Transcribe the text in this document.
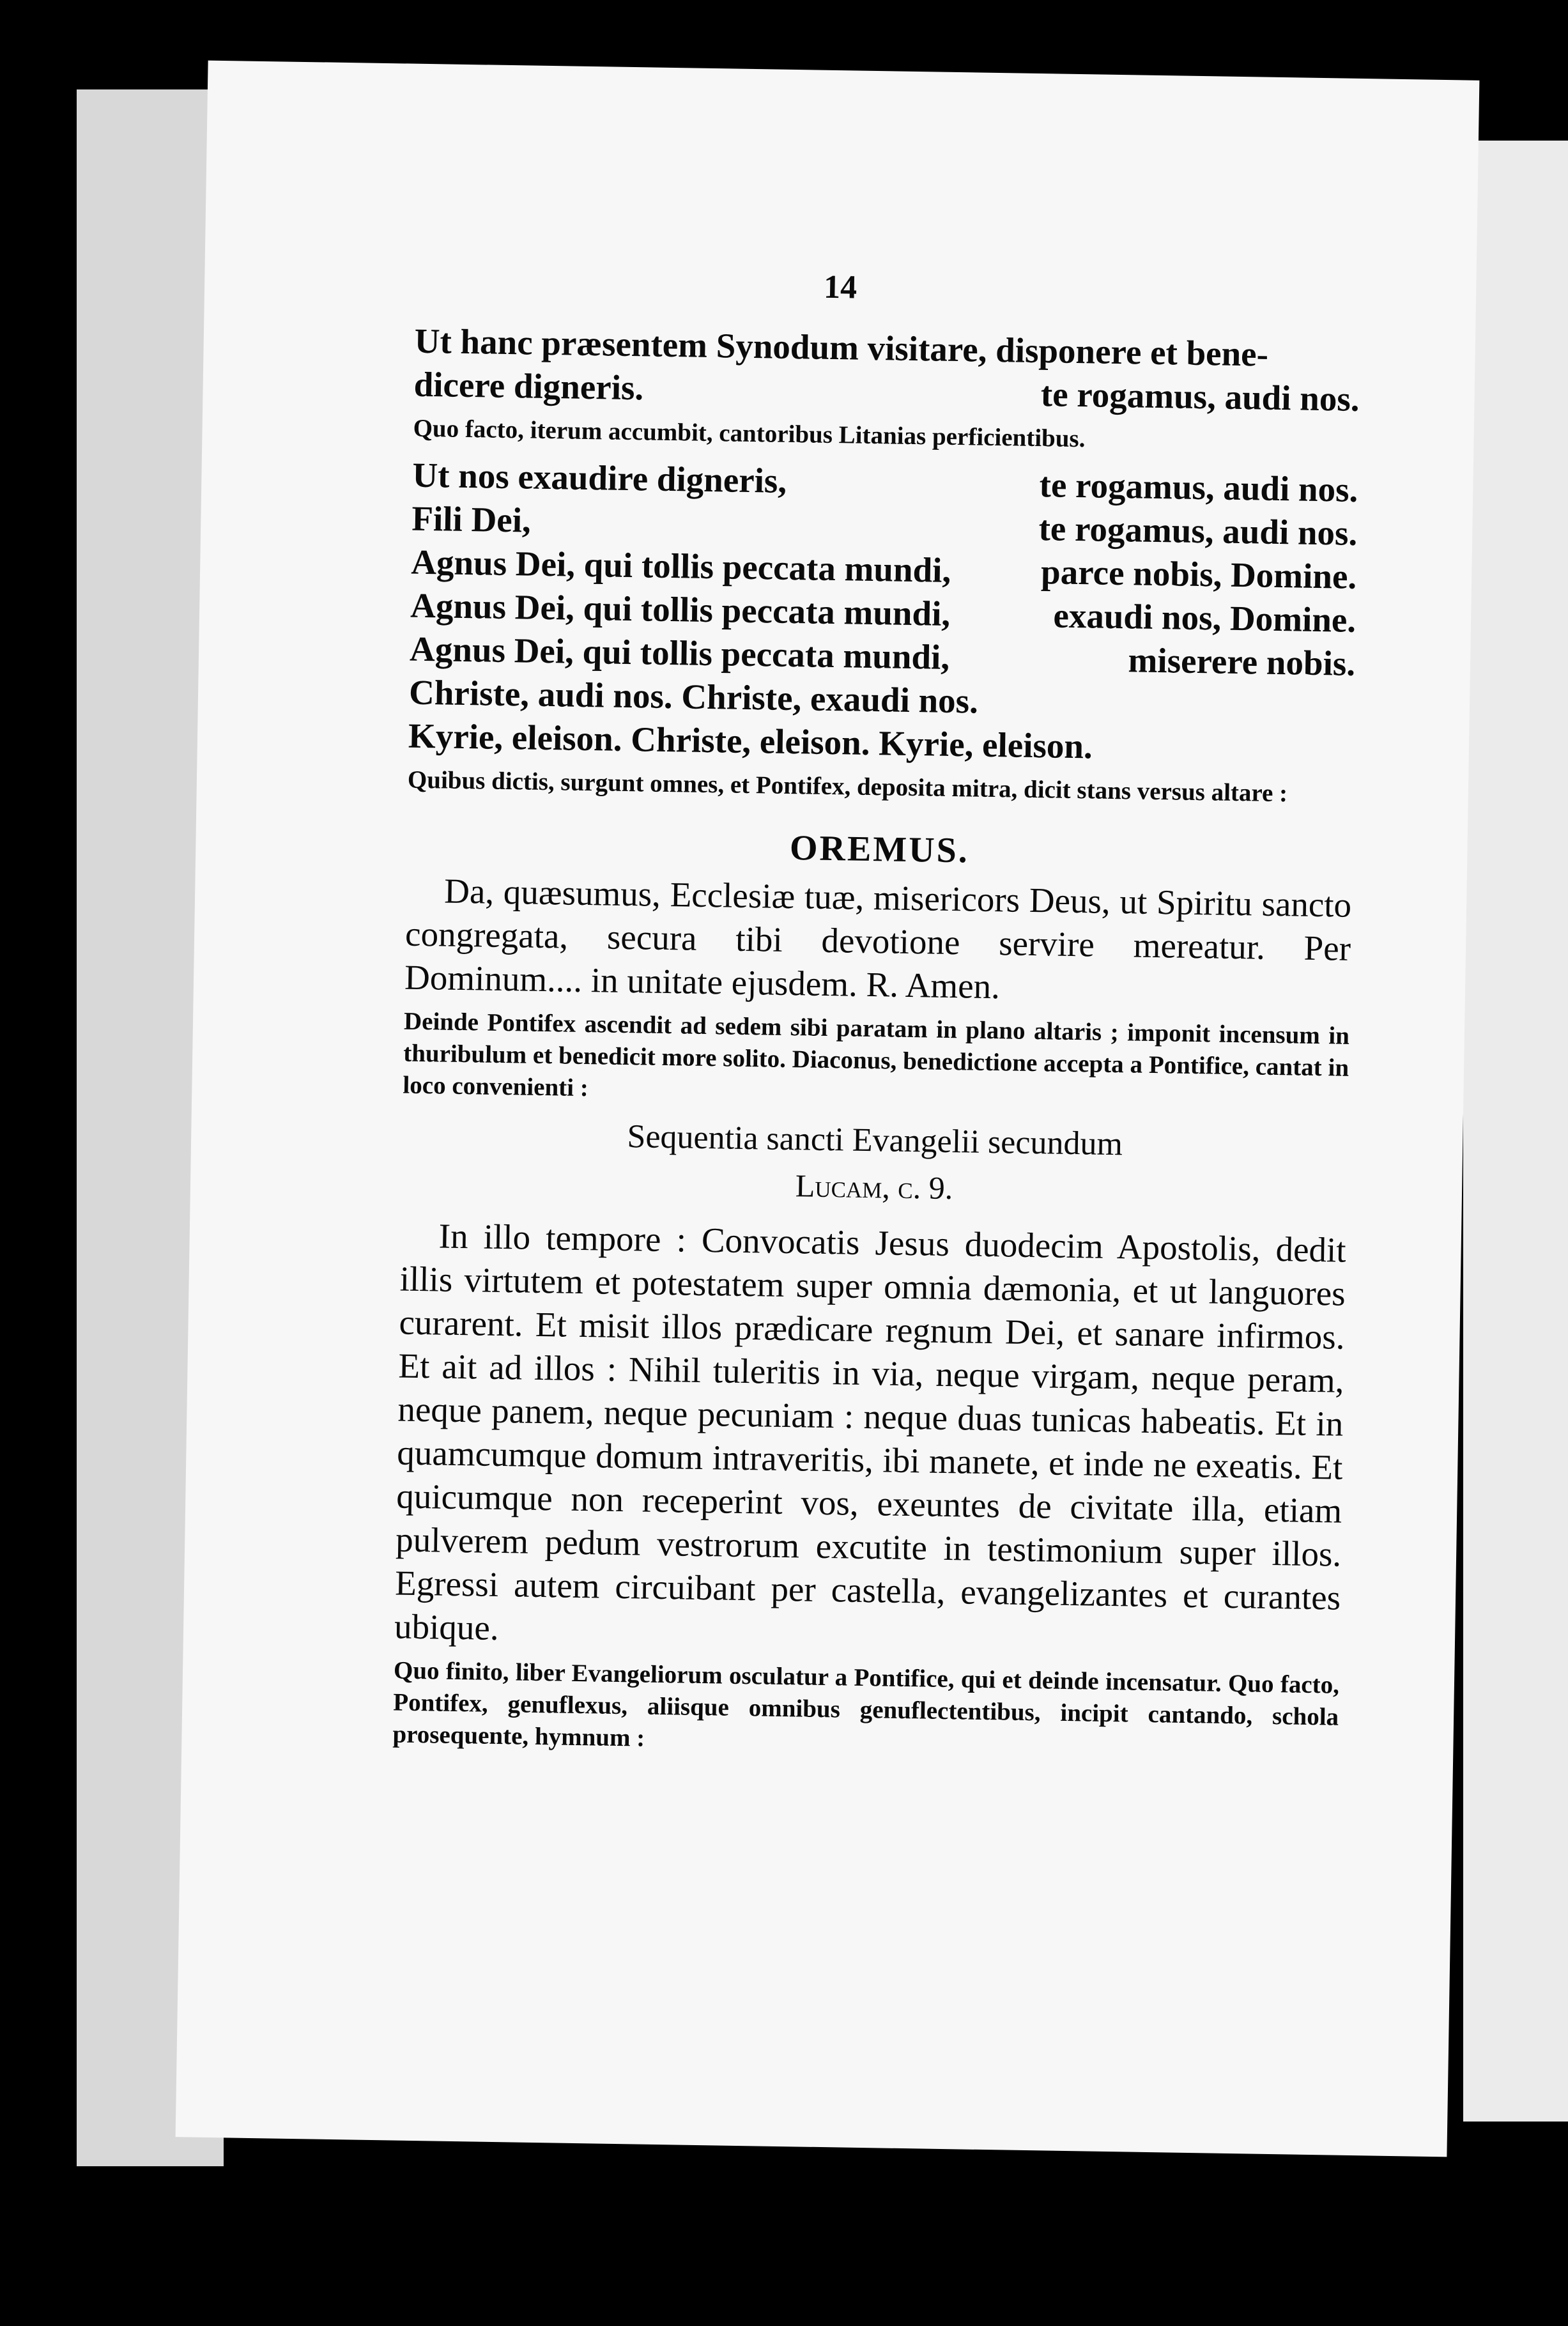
14
Ut hanc præsentem Synodum visitare, disponere et bene-
dicere digneris.	te rogamus, audi nos.
Quo facto, iterum accumbit, cantoribus Litanias perficientibus.
Ut nos exaudire digneris,	te rogamus, audi nos.
Fili Dei,	te rogamus, audi nos.
Agnus Dei, qui tollis peccata mundi,	parce nobis, Domine.
Agnus Dei, qui tollis peccata mundi,	exaudi nos, Domine.
Agnus Dei, qui tollis peccata mundi,	miserere nobis.
Christe, audi nos. Christe, exaudi nos.
Kyrie, eleison. Christe, eleison. Kyrie, eleison.
Quibus dictis, surgunt omnes, et Pontifex, deposita mitra, dicit stans versus altare :
OREMUS.
Da, quæsumus, Ecclesiæ tuæ, misericors Deus, ut Spiritu sancto congregata, secura tibi devotione servire mereatur. Per Dominum.... in unitate ejusdem. R. Amen.
Deinde Pontifex ascendit ad sedem sibi paratam in plano altaris ; imponit incensum in thuribulum et benedicit more solito. Diaconus, benedictione accepta a Pontifice, cantat in loco convenienti :
Sequentia sancti Evangelii secundum
Lucam, c. 9.
In illo tempore : Convocatis Jesus duodecim Apostolis, dedit illis virtutem et potestatem super omnia dæmonia, et ut languores curarent. Et misit illos prædicare regnum Dei, et sanare infirmos. Et ait ad illos : Nihil tuleritis in via, neque virgam, neque peram, neque panem, neque pecuniam : neque duas tunicas habeatis. Et in quamcumque domum intraveritis, ibi manete, et inde ne exeatis. Et quicumque non receperint vos, exeuntes de civitate illa, etiam pulverem pedum vestrorum excutite in testimonium super illos. Egressi autem circuibant per castella, evangelizantes et curantes ubique.
Quo finito, liber Evangeliorum osculatur a Pontifice, qui et deinde incensatur. Quo facto, Pontifex, genuflexus, aliisque omnibus genuflectentibus, incipit cantando, schola prosequente, hymnum :
